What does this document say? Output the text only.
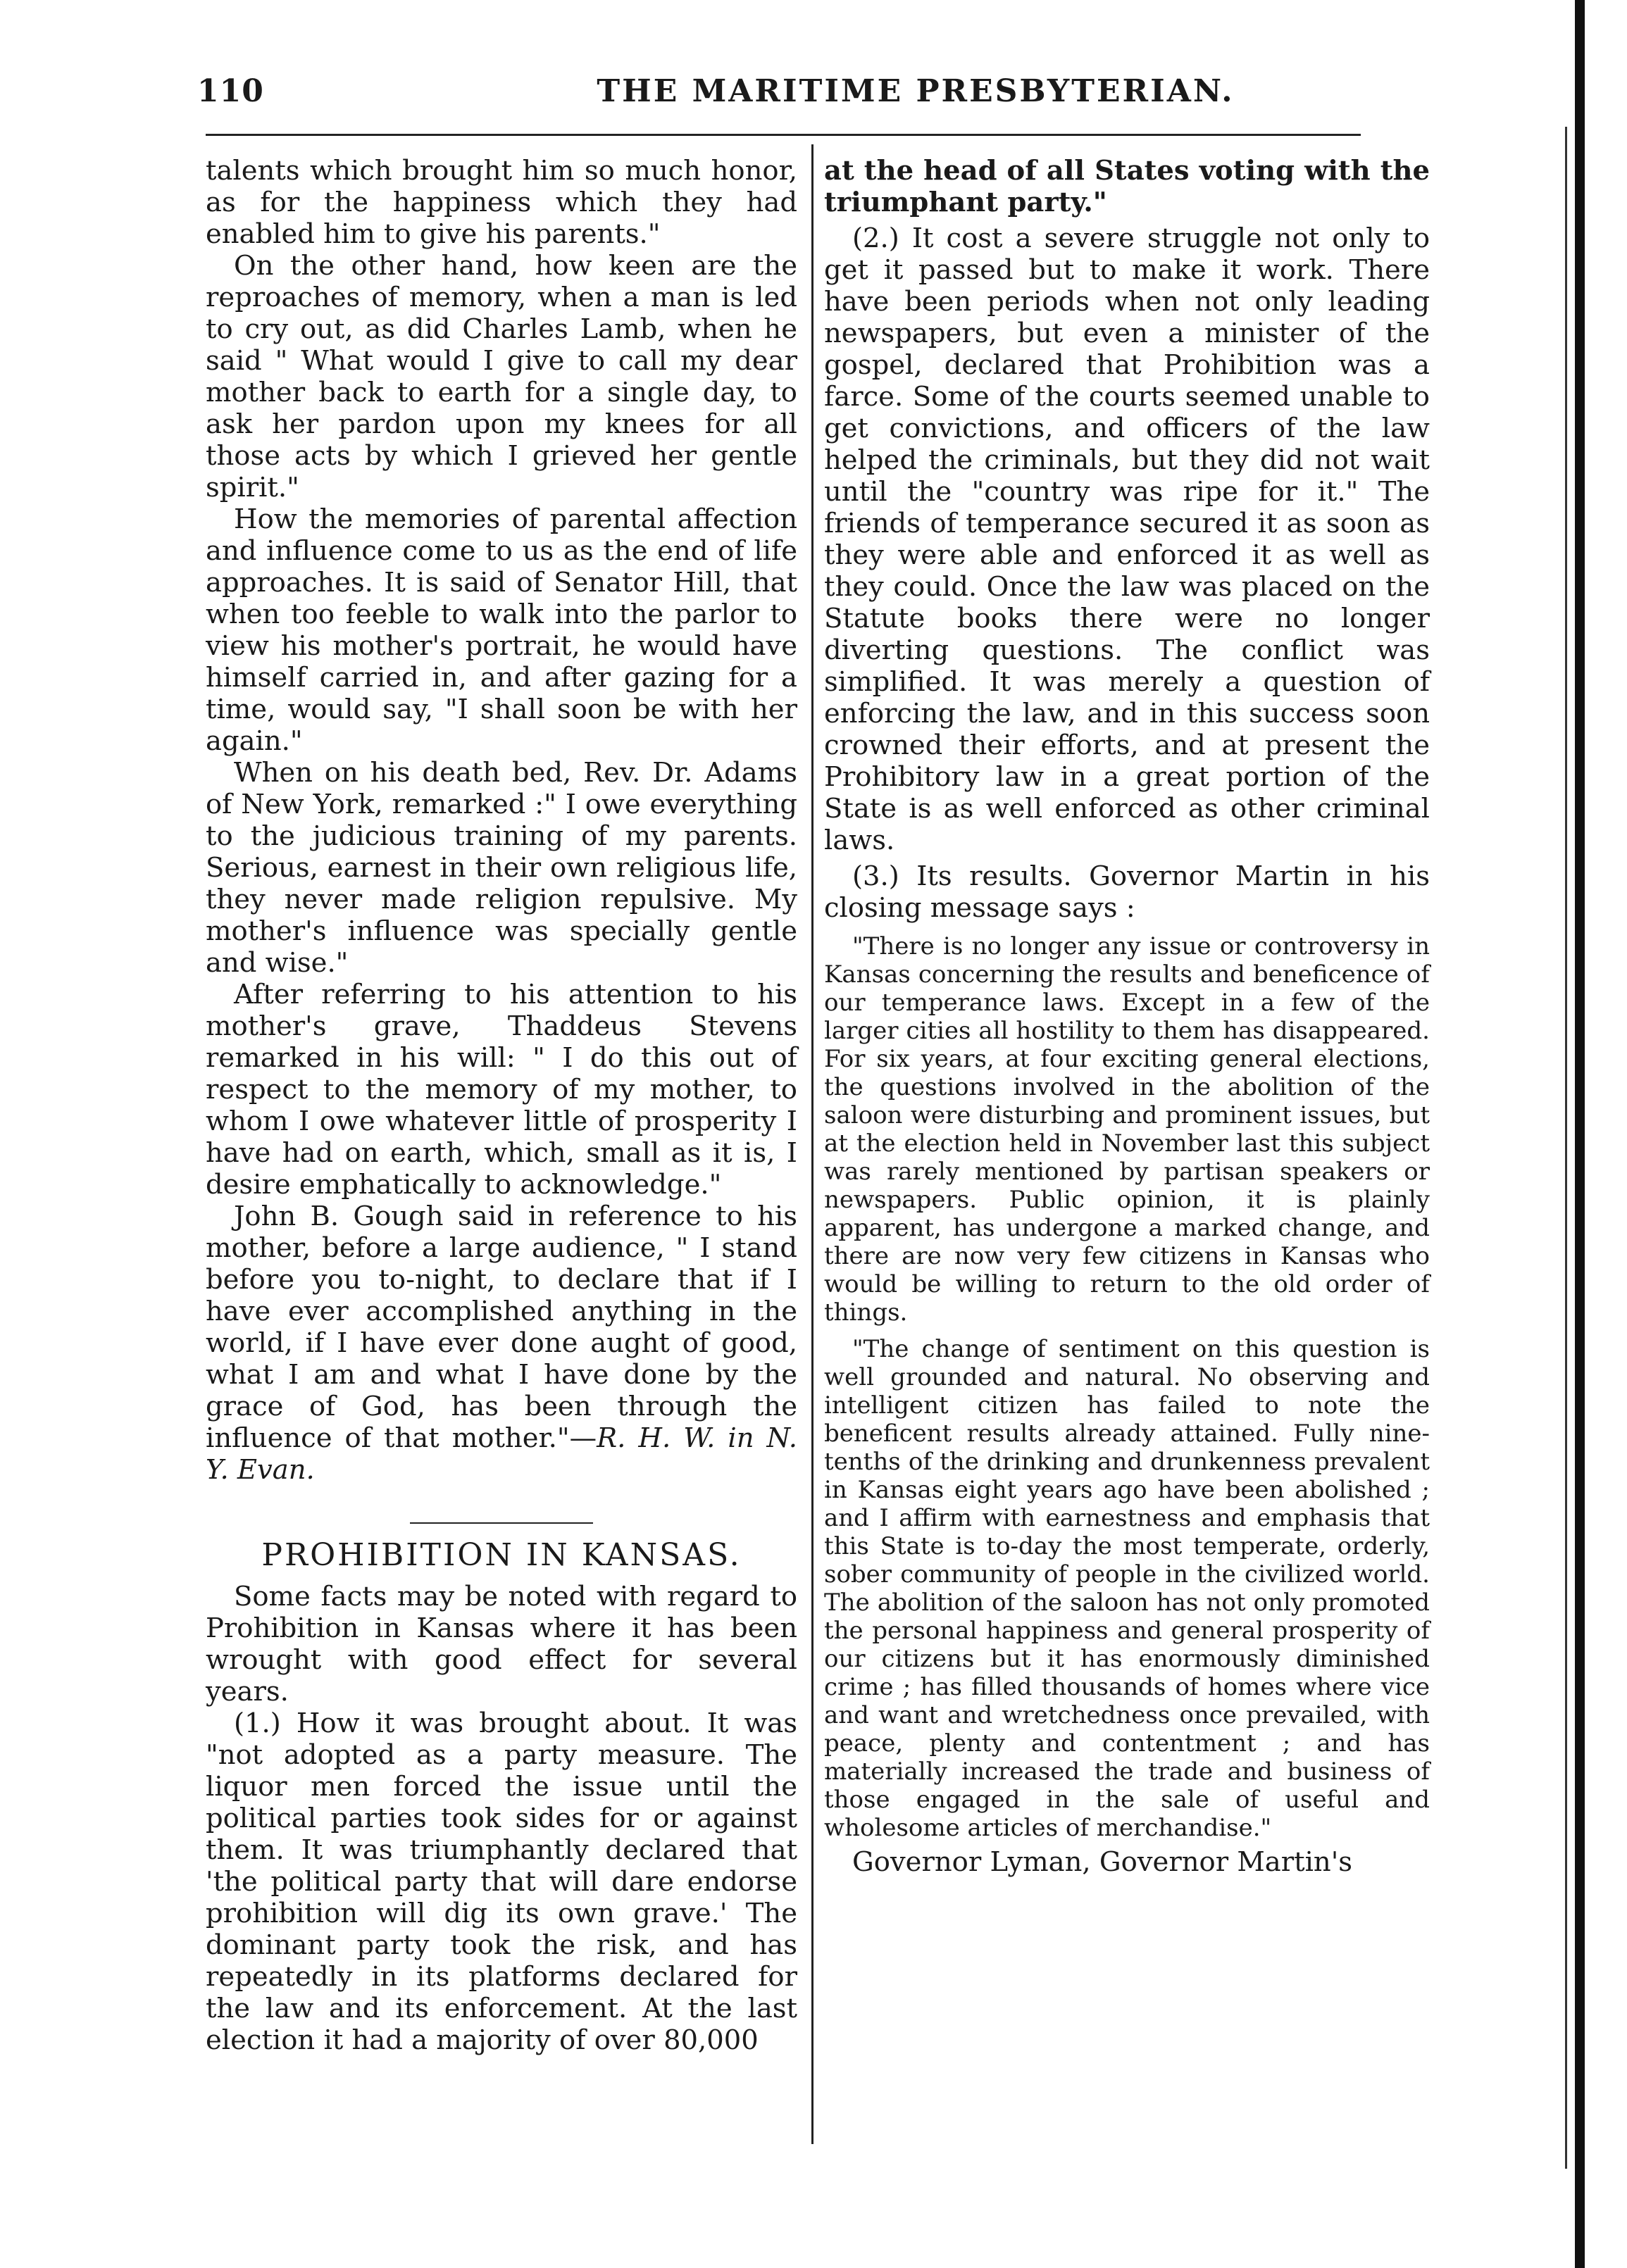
110	THE MARITIME PRESBYTERIAN.

talents which brought him so much honor, as for the happiness which they had enabled him to give his parents."

On the other hand, how keen are the reproaches of memory, when a man is led to cry out, as did Charles Lamb, when he said " What would I give to call my dear mother back to earth for a single day, to ask her pardon upon my knees for all those acts by which I grieved her gentle spirit."

How the memories of parental affection and influence come to us as the end of life approaches. It is said of Senator Hill, that when too feeble to walk into the parlor to view his mother's portrait, he would have himself carried in, and after gazing for a time, would say, "I shall soon be with her again."

When on his death bed, Rev. Dr. Adams of New York, remarked :" I owe everything to the judicious training of my parents. Serious, earnest in their own religious life, they never made religion repulsive. My mother's influence was specially gentle and wise."

After referring to his attention to his mother's grave, Thaddeus Stevens remarked in his will: " I do this out of respect to the memory of my mother, to whom I owe whatever little of prosperity I have had on earth, which, small as it is, I desire emphatically to acknowledge."

John B. Gough said in reference to his mother, before a large audience, " I stand before you to-night, to declare that if I have ever accomplished anything in the world, if I have ever done aught of good, what I am and what I have done by the grace of God, has been through the influence of that mother."—R. H. W. in N. Y. Evan.

PROHIBITION IN KANSAS.

Some facts may be noted with regard to Prohibition in Kansas where it has been wrought with good effect for several years.

(1.) How it was brought about. It was "not adopted as a party measure. The liquor men forced the issue until the political parties took sides for or against them. It was triumphantly declared that 'the political party that will dare endorse prohibition will dig its own grave.' The dominant party took the risk, and has repeatedly in its platforms declared for the law and its enforcement. At the last election it had a majority of over 80,000

at the head of all States voting with the triumphant party."

(2.) It cost a severe struggle not only to get it passed but to make it work. There have been periods when not only leading newspapers, but even a minister of the gospel, declared that Prohibition was a farce. Some of the courts seemed unable to get convictions, and officers of the law helped the criminals, but they did not wait until the "country was ripe for it." The friends of temperance secured it as soon as they were able and enforced it as well as they could. Once the law was placed on the Statute books there were no longer diverting questions. The conflict was simplified. It was merely a question of enforcing the law, and in this success soon crowned their efforts, and at present the Prohibitory law in a great portion of the State is as well enforced as other criminal laws.

(3.) Its results. Governor Martin in his closing message says :

"There is no longer any issue or controversy in Kansas concerning the results and beneficence of our temperance laws. Except in a few of the larger cities all hostility to them has disappeared. For six years, at four exciting general elections, the questions involved in the abolition of the saloon were disturbing and prominent issues, but at the election held in November last this subject was rarely mentioned by partisan speakers or newspapers. Public opinion, it is plainly apparent, has undergone a marked change, and there are now very few citizens in Kansas who would be willing to return to the old order of things.

"The change of sentiment on this question is well grounded and natural. No observing and intelligent citizen has failed to note the beneficent results already attained. Fully nine-tenths of the drinking and drunkenness prevalent in Kansas eight years ago have been abolished ; and I affirm with earnestness and emphasis that this State is to-day the most temperate, orderly, sober community of people in the civilized world. The abolition of the saloon has not only promoted the personal happiness and general prosperity of our citizens but it has enormously diminished crime ; has filled thousands of homes where vice and want and wretchedness once prevailed, with peace, plenty and contentment ; and has materially increased the trade and business of those engaged in the sale of useful and wholesome articles of merchandise."

Governor Lyman, Governor Martin's
